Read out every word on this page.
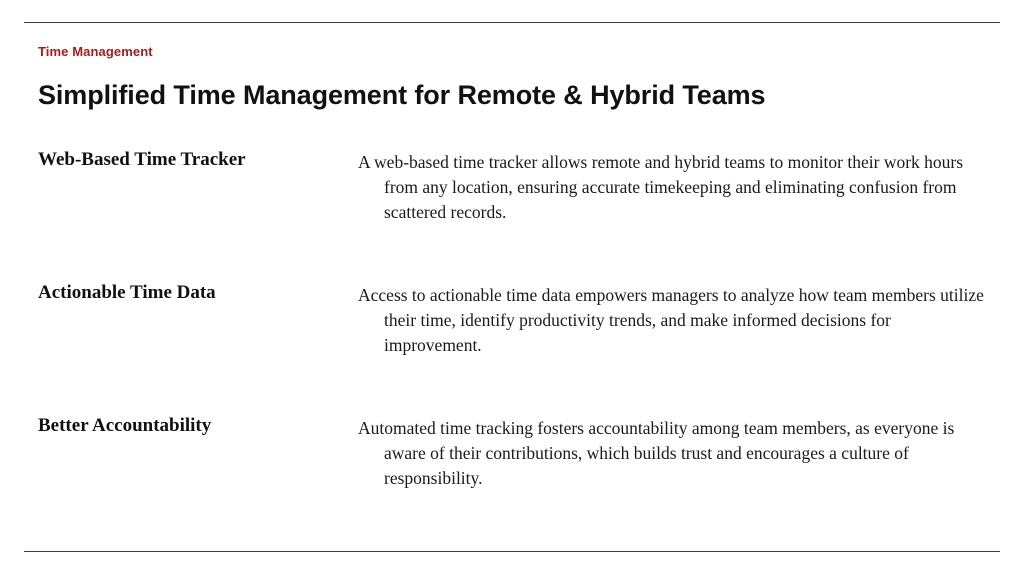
Time Management
Simplified Time Management for Remote & Hybrid Teams
Web-Based Time Tracker	A web-based time tracker allows remote and hybrid teams to monitor their work hours from any location, ensuring accurate timekeeping and eliminating confusion from scattered records.
Actionable Time Data	Access to actionable time data empowers managers to analyze how team members utilize their time, identify productivity trends, and make informed decisions for improvement.
Better Accountability	Automated time tracking fosters accountability among team members, as everyone is aware of their contributions, which builds trust and encourages a culture of responsibility.
